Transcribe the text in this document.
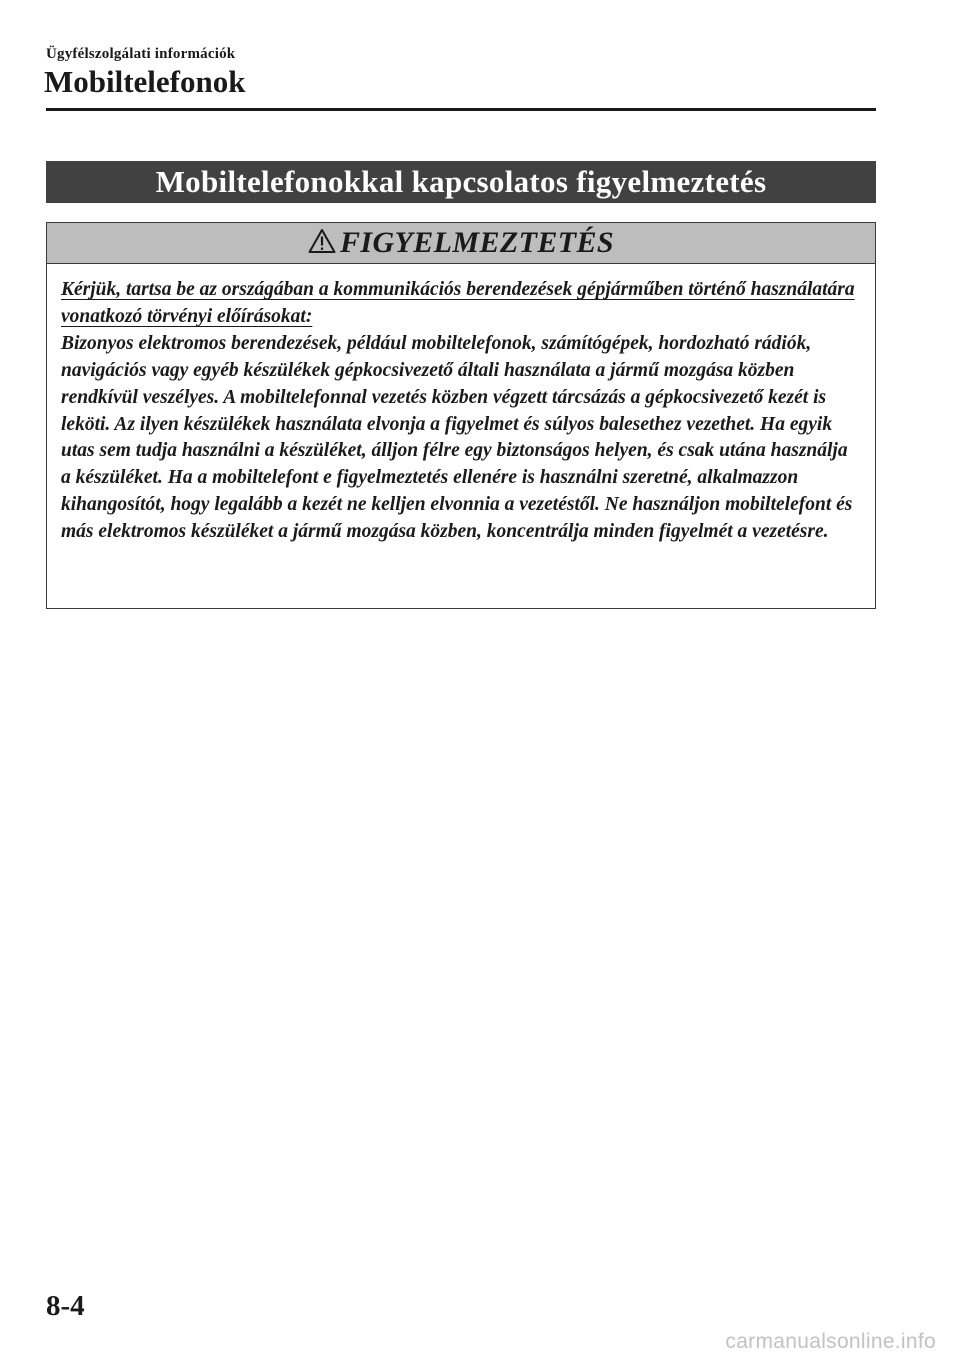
Ügyfélszolgálati információk
Mobiltelefonok
Mobiltelefonokkal kapcsolatos figyelmeztetés
FIGYELMEZTETÉS

Kérjük, tartsa be az országában a kommunikációs berendezések gépjárműben történő használatára vonatkozó törvényi előírásokat:

Bizonyos elektromos berendezések, például mobiltelefonok, számítógépek, hordozható rádiók, navigációs vagy egyéb készülékek gépkocsivezető általi használata a jármű mozgása közben rendkívül veszélyes. A mobiltelefonnal vezetés közben végzett tárcsázás a gépkocsivezető kezét is leköti. Az ilyen készülékek használata elvonja a figyelmet és súlyos balesethez vezethet. Ha egyik utas sem tudja használni a készüléket, álljon félre egy biztonságos helyen, és csak utána használja a készüléket. Ha a mobiltelefont e figyelmeztetés ellenére is használni szeretné, alkalmazzon kihangosítót, hogy legalább a kezét ne kelljen elvonnia a vezetéstől. Ne használjon mobiltelefont és más elektromos készüléket a jármű mozgása közben, koncentrálja minden figyelmét a vezetésre.

8-4
carmanualsonline.info
